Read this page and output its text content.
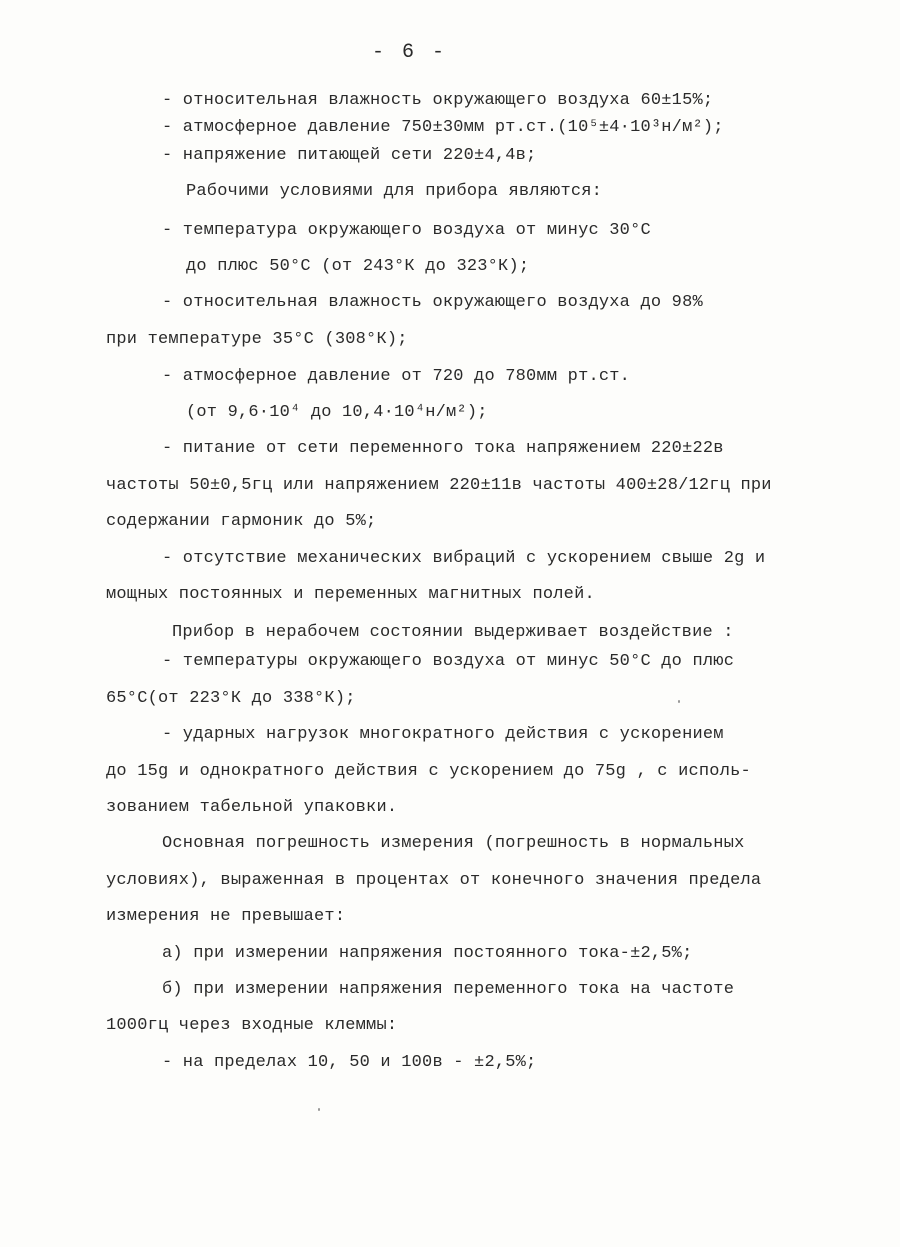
- 6 -
- относительная влажность окружающего воздуха 60±15%;
- атмосферное давление 750±30мм рт.ст.(10⁵±4·10³н/м²);
- напряжение питающей сети 220±4,4в;
Рабочими условиями для прибора являются:
- температура окружающего воздуха от минус 30°С
до плюс 50°С (от 243°К до 323°К);
- относительная влажность окружающего воздуха до 98%
при температуре 35°С (308°К);
- атмосферное давление от 720 до 780мм рт.ст.
(от 9,6·10⁴ до 10,4·10⁴н/м²);
- питание от сети переменного тока напряжением 220±22в
частоты 50±0,5гц или напряжением 220±11в частоты 400±28/12гц при
содержании гармоник до 5%;
- отсутствие механических вибраций с ускорением свыше 2g и
мощных постоянных и переменных магнитных полей.
Прибор в нерабочем состоянии выдерживает воздействие :
- температуры окружающего воздуха от минус 50°С до плюс
65°С(от 223°К до 338°К);
- ударных нагрузок многократного действия с ускорением
до 15g и однократного действия с ускорением до 75g , с исполь-
зованием табельной упаковки.
Основная погрешность измерения (погрешность в нормальных
условиях), выраженная в процентах от конечного значения предела
измерения не превышает:
а) при измерении напряжения постоянного тока-±2,5%;
б) при измерении напряжения переменного тока на частоте
1000гц через входные клеммы:
- на пределах 10, 50 и 100в - ±2,5%;
